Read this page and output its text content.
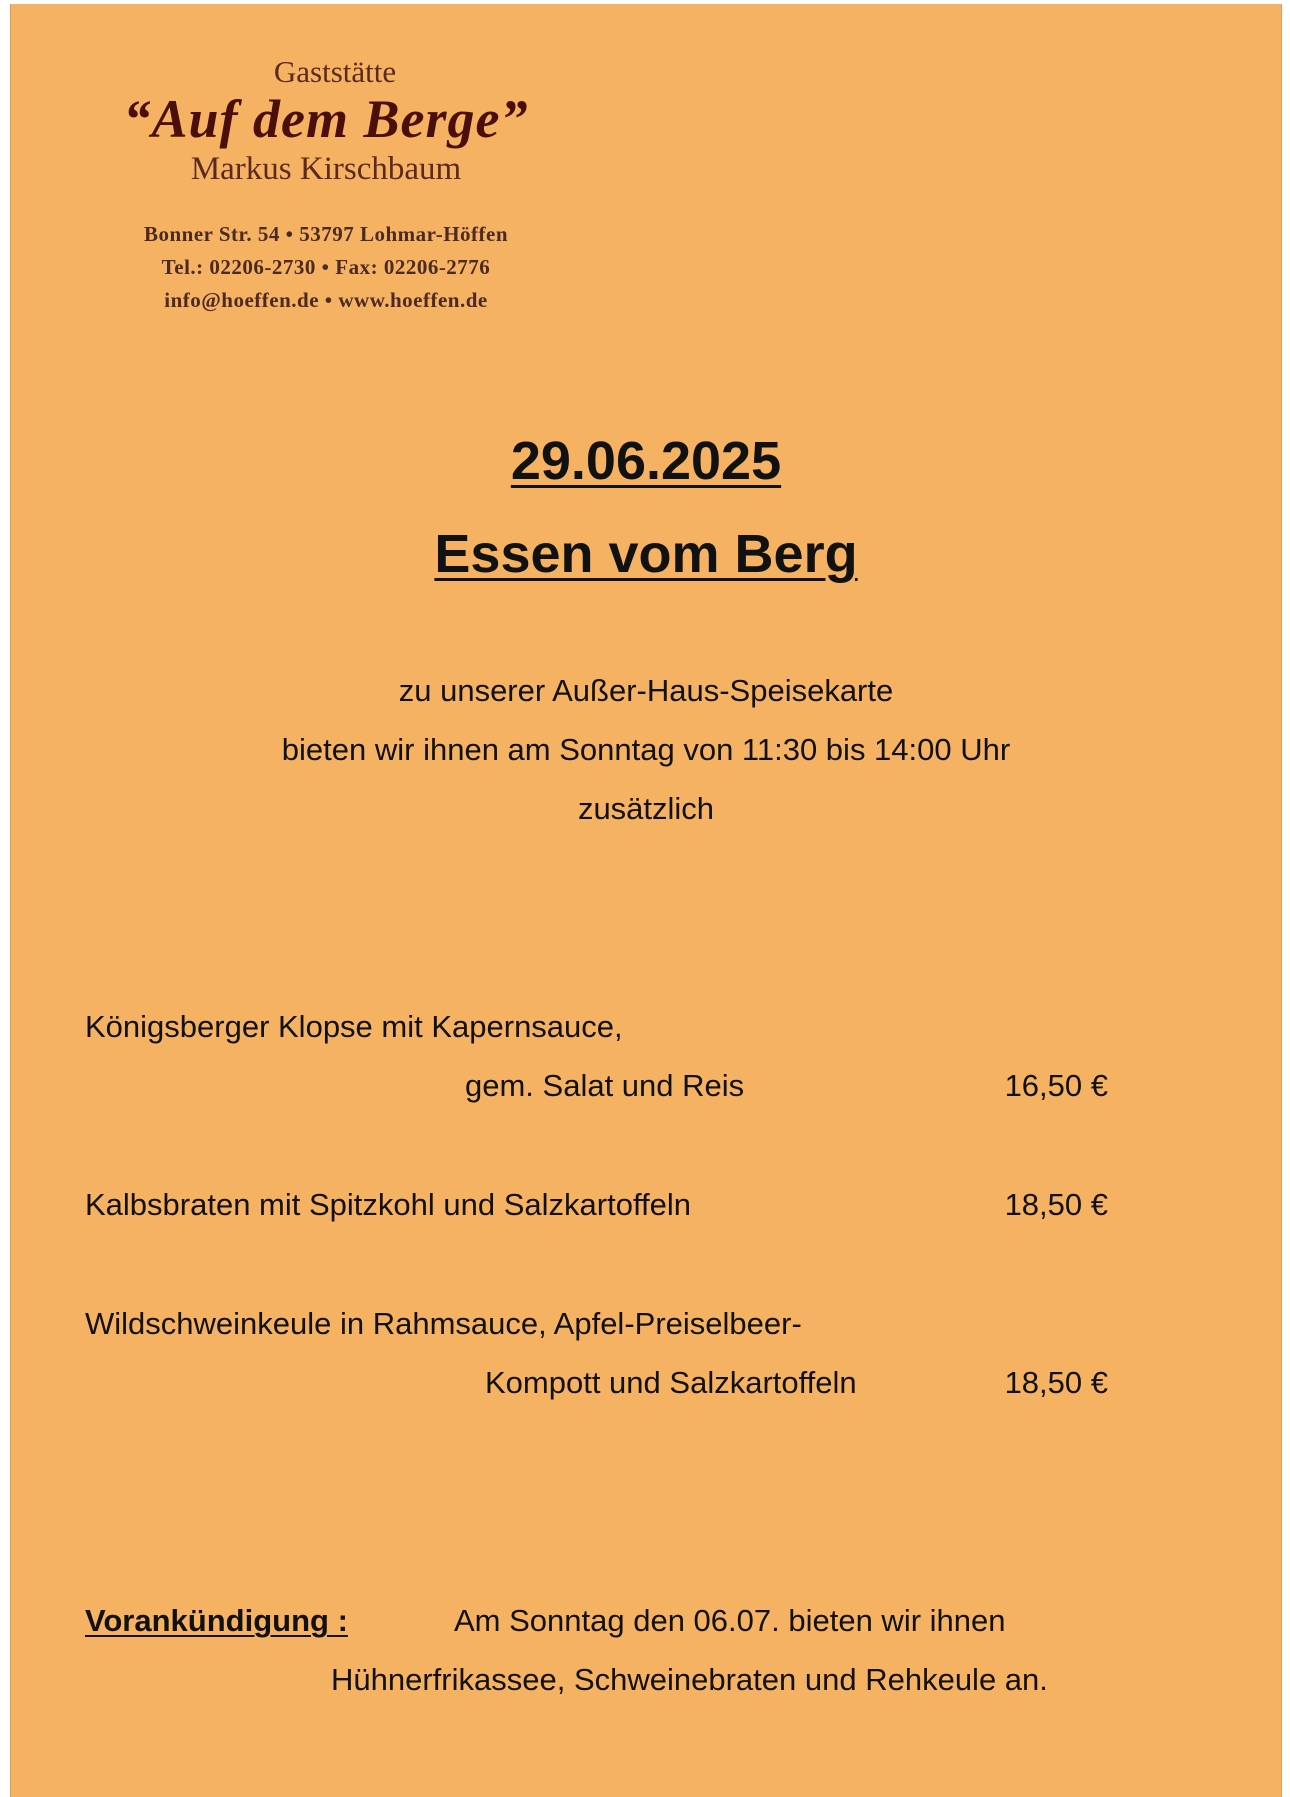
Gaststätte
“Auf dem Berge”
Markus Kirschbaum
Bonner Str. 54 • 53797 Lohmar-Höffen
Tel.: 02206-2730 • Fax: 02206-2776
info@hoeffen.de • www.hoeffen.de
29.06.2025
Essen vom Berg
zu unserer Außer-Haus-Speisekarte
bieten wir ihnen am Sonntag von 11:30 bis 14:00 Uhr
zusätzlich
Königsberger Klopse mit Kapernsauce,
gem. Salat und Reis	16,50 €
Kalbsbraten mit Spitzkohl und Salzkartoffeln	18,50 €
Wildschweinkeule in Rahmsauce, Apfel-Preiselbeer-
Kompott und Salzkartoffeln	18,50 €
Vorankündigung :	Am Sonntag den 06.07. bieten wir ihnen
Hühnerfrikassee, Schweinebraten und Rehkeule an.
